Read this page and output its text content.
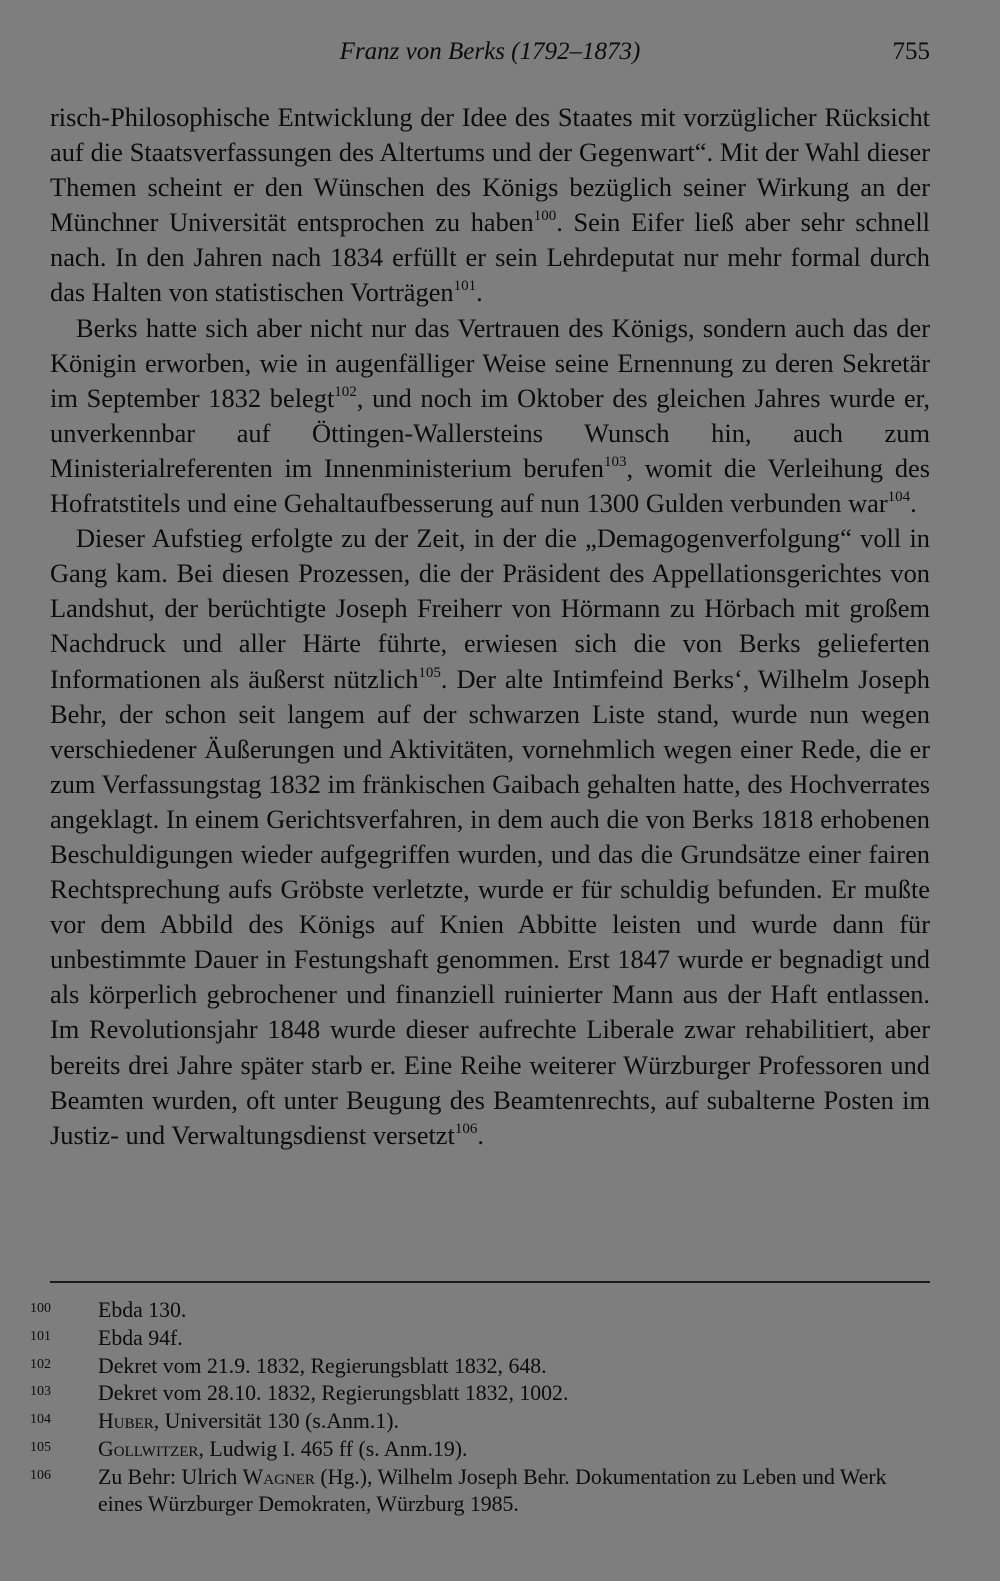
Franz von Berks (1792–1873)	755

risch-Philosophische Entwicklung der Idee des Staates mit vorzüglicher Rücksicht auf die Staatsverfassungen des Altertums und der Gegenwart“. Mit der Wahl dieser Themen scheint er den Wünschen des Königs bezüglich seiner Wirkung an der Münchner Universität entsprochen zu haben$^{100}$. Sein Eifer ließ aber sehr schnell nach. In den Jahren nach 1834 erfüllt er sein Lehrdeputat nur mehr formal durch das Halten von statistischen Vorträgen$^{101}$.

Berks hatte sich aber nicht nur das Vertrauen des Königs, sondern auch das der Königin erworben, wie in augenfälliger Weise seine Ernennung zu deren Sekretär im September 1832 belegt$^{102}$, und noch im Oktober des gleichen Jahres wurde er, unverkennbar auf Öttingen-Wallersteins Wunsch hin, auch zum Ministerialreferenten im Innenministerium berufen$^{103}$, womit die Verleihung des Hofratstitels und eine Gehaltaufbesserung auf nun 1300 Gulden verbunden war$^{104}$.

Dieser Aufstieg erfolgte zu der Zeit, in der die „Demagogenverfolgung“ voll in Gang kam. Bei diesen Prozessen, die der Präsident des Appellationsgerichtes von Landshut, der berüchtigte Joseph Freiherr von Hörmann zu Hörbach mit großem Nachdruck und aller Härte führte, erwiesen sich die von Berks gelieferten Informationen als äußerst nützlich$^{105}$. Der alte Intimfeind Berks‘, Wilhelm Joseph Behr, der schon seit langem auf der schwarzen Liste stand, wurde nun wegen verschiedener Äußerungen und Aktivitäten, vornehmlich wegen einer Rede, die er zum Verfassungstag 1832 im fränkischen Gaibach gehalten hatte, des Hochverrates angeklagt. In einem Gerichtsverfahren, in dem auch die von Berks 1818 erhobenen Beschuldigungen wieder aufgegriffen wurden, und das die Grundsätze einer fairen Rechtsprechung aufs Gröbste verletzte, wurde er für schuldig befunden. Er mußte vor dem Abbild des Königs auf Knien Abbitte leisten und wurde dann für unbestimmte Dauer in Festungshaft genommen. Erst 1847 wurde er begnadigt und als körperlich gebrochener und finanziell ruinierter Mann aus der Haft entlassen. Im Revolutionsjahr 1848 wurde dieser aufrechte Liberale zwar rehabilitiert, aber bereits drei Jahre später starb er. Eine Reihe weiterer Würzburger Professoren und Beamten wurden, oft unter Beugung des Beamtenrechts, auf subalterne Posten im Justiz- und Verwaltungsdienst versetzt$^{106}$.

100 Ebda 130.

101 Ebda 94f.

102 Dekret vom 21.9. 1832, Regierungsblatt 1832, 648.

103 Dekret vom 28.10. 1832, Regierungsblatt 1832, 1002.

104 Huber, Universität 130 (s.Anm.1).

105 Gollwitzer, Ludwig I. 465 ff (s. Anm.19).

106 Zu Behr: Ulrich Wagner (Hg.), Wilhelm Joseph Behr. Dokumentation zu Leben und Werk eines Würzburger Demokraten, Würzburg 1985.
